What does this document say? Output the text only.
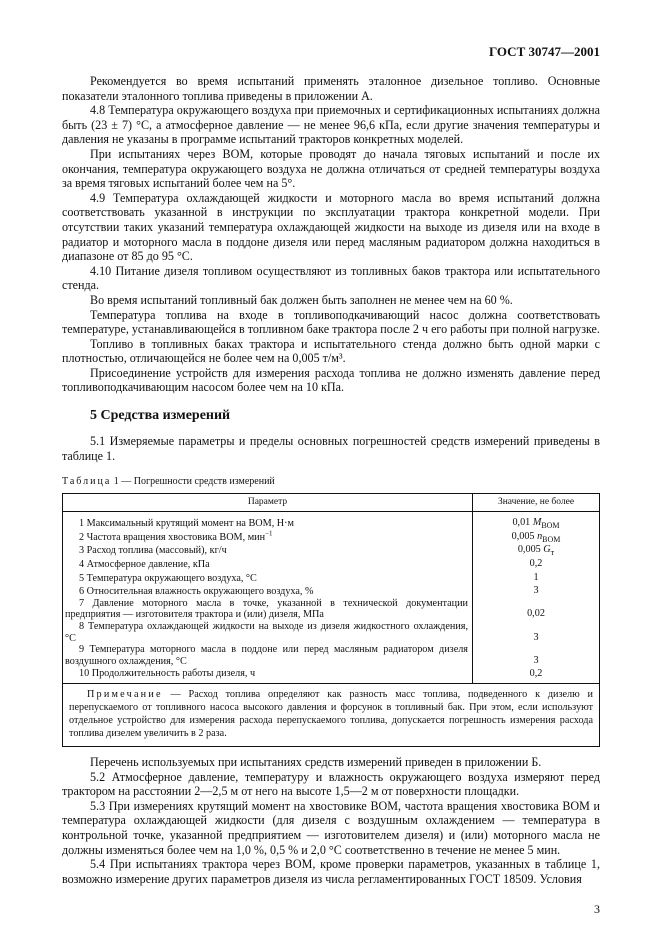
ГОСТ 30747—2001

Рекомендуется во время испытаний применять эталонное дизельное топливо. Основные показатели эталонного топлива приведены в приложении А.

4.8 Температура окружающего воздуха при приемочных и сертификационных испытаниях должна быть (23 ± 7) °С, а атмосферное давление — не менее 96,6 кПа, если другие значения температуры и давления не указаны в программе испытаний тракторов конкретных моделей.

При испытаниях через ВОМ, которые проводят до начала тяговых испытаний и после их окончания, температура окружающего воздуха не должна отличаться от средней температуры воздуха за время тяговых испытаний более чем на 5°.

4.9 Температура охлаждающей жидкости и моторного масла во время испытаний должна соответствовать указанной в инструкции по эксплуатации трактора конкретной модели. При отсутствии таких указаний температура охлаждающей жидкости на выходе из дизеля или на входе в радиатор и моторного масла в поддоне дизеля или перед масляным радиатором должна находиться в диапазоне от 85 до 95 °С.

4.10 Питание дизеля топливом осуществляют из топливных баков трактора или испытательного стенда.

Во время испытаний топливный бак должен быть заполнен не менее чем на 60 %.

Температура топлива на входе в топливоподкачивающий насос должна соответствовать температуре, устанавливающейся в топливном баке трактора после 2 ч его работы при полной нагрузке.

Топливо в топливных баках трактора и испытательного стенда должно быть одной марки с плотностью, отличающейся не более чем на 0,005 т/м³.

Присоединение устройств для измерения расхода топлива не должно изменять давление перед топливоподкачивающим насосом более чем на 10 кПа.

5 Средства измерений

5.1 Измеряемые параметры и пределы основных погрешностей средств измерений приведены в таблице 1.

Таблица 1 — Погрешности средств измерений
Параметр	Значение, не более

1 Максимальный крутящий момент на ВОМ, Н·м	0,01 $M_{ВОМ}$

2 Частота вращения хвостовика ВОМ, мин$^{-1}$	0,005 $n_{ВОМ}$

3 Расход топлива (массовый), кг/ч	0,005 $G_т$

4 Атмосферное давление, кПа	0,2

5 Температура окружающего воздуха, °С	1

6 Относительная влажность окружающего воздуха, %	3

7 Давление моторного масла в точке, указанной в технической документации предприятия — изготовителя трактора и (или) дизеля, МПа	0,02

8 Температура охлаждающей жидкости на выходе из дизеля жидкостного охлаждения, °С	3

9 Температура моторного масла в поддоне или перед масляным радиатором дизеля воздушного охлаждения, °С	3

10 Продолжительность работы дизеля, ч	0,2
Примечание — Расход топлива определяют как разность масс топлива, подведенного к дизелю и перепускаемого от топливного насоса высокого давления и форсунок в топливный бак. При этом, если используют отдельное устройство для измерения расхода перепускаемого топлива, допускается погрешность измерения расхода топлива дизелем увеличить в 2 раза.	

Перечень используемых при испытаниях средств измерений приведен в приложении Б.

5.2 Атмосферное давление, температуру и влажность окружающего воздуха измеряют перед трактором на расстоянии 2—2,5 м от него на высоте 1,5—2 м от поверхности площадки.

5.3 При измерениях крутящий момент на хвостовике ВОМ, частота вращения хвостовика ВОМ и температура охлаждающей жидкости (для дизеля с воздушным охлаждением — температура в контрольной точке, указанной предприятием — изготовителем дизеля) и (или) моторного масла не должны изменяться более чем на 1,0 %, 0,5 % и 2,0 °С соответственно в течение не менее 5 мин.

5.4 При испытаниях трактора через ВОМ, кроме проверки параметров, указанных в таблице 1, возможно измерение других параметров дизеля из числа регламентированных ГОСТ 18509. Условия

3
